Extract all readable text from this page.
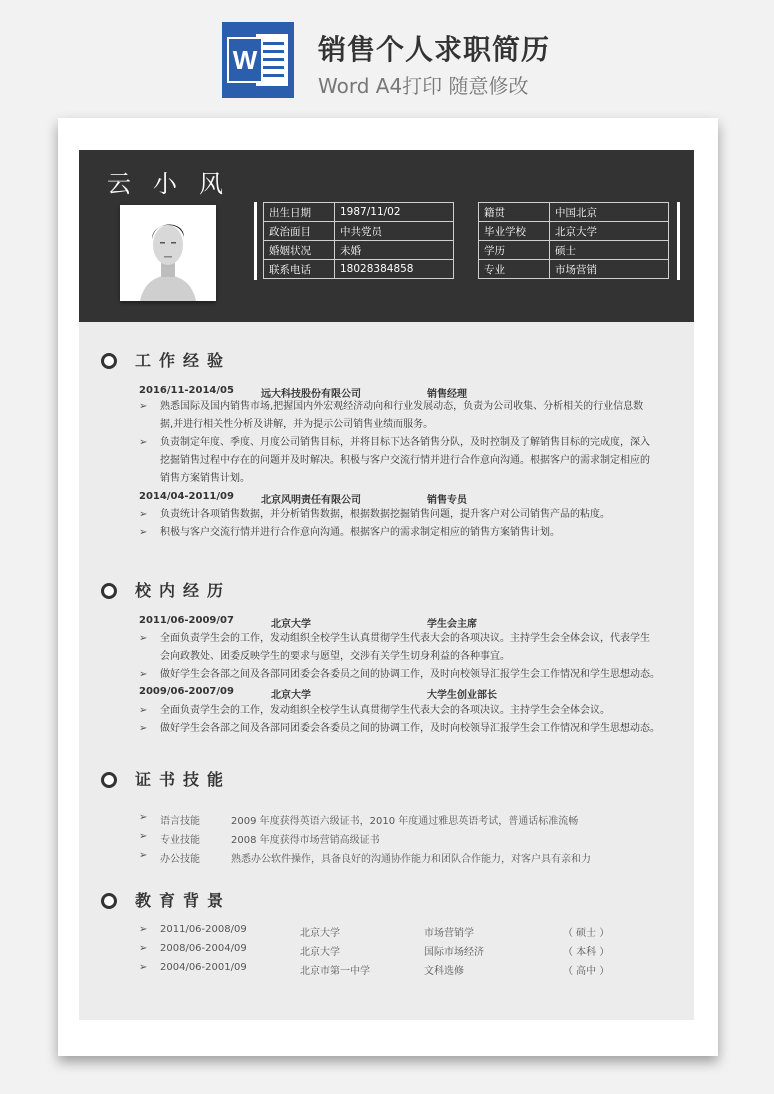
W 销售个人求职简历
Word A4打印 随意修改
云小风
出生日期	1987/11/02
政治面目	中共党员
婚姻状况	未婚
联系电话	18028384858
籍贯	中国北京
毕业学校	北京大学
学历	硕士
专业	市场营销
工作经验
2016/11-2014/05	远大科技股份有限公司	销售经理
➢ 熟悉国际及国内销售市场,把握国内外宏观经济动向和行业发展动态，负责为公司收集、分析相关的行业信息数
据,并进行相关性分析及讲解，并为提示公司销售业绩而服务。
➢ 负责制定年度、季度、月度公司销售目标，并将目标下达各销售分队，及时控制及了解销售目标的完成度，深入
挖掘销售过程中存在的问题并及时解决。积极与客户交流行情并进行合作意向沟通。根据客户的需求制定相应的
销售方案销售计划。
2014/04-2011/09	北京风明责任有限公司	销售专员
➢ 负责统计各项销售数据，并分析销售数据，根据数据挖掘销售问题，提升客户对公司销售产品的粘度。
➢ 积极与客户交流行情并进行合作意向沟通。根据客户的需求制定相应的销售方案销售计划。
校内经历
2011/06-2009/07	北京大学	学生会主席
➢ 全面负责学生会的工作，发动组织全校学生认真贯彻学生代表大会的各项决议。主持学生会全体会议，代表学生
会向政教处、团委反映学生的要求与愿望，交涉有关学生切身利益的各种事宜。
➢ 做好学生会各部之间及各部同团委会各委员之间的协调工作，及时向校领导汇报学生会工作情况和学生思想动态。
2009/06-2007/09	北京大学	大学生创业部长
➢ 全面负责学生会的工作，发动组织全校学生认真贯彻学生代表大会的各项决议。主持学生会全体会议。
➢ 做好学生会各部之间及各部同团委会各委员之间的协调工作，及时向校领导汇报学生会工作情况和学生思想动态。
证书技能
➢ 语言技能	2009 年度获得英语六级证书，2010 年度通过雅思英语考试，普通话标准流畅
➢ 专业技能	2008 年度获得市场营销高级证书
➢ 办公技能	熟悉办公软件操作，具备良好的沟通协作能力和团队合作能力，对客户具有亲和力
教育背景
➢ 2011/06-2008/09	北京大学	市场营销学	（ 硕士 ）
➢ 2008/06-2004/09	北京大学	国际市场经济	（ 本科 ）
➢ 2004/06-2001/09	北京市第一中学	文科选修	（ 高中 ）
